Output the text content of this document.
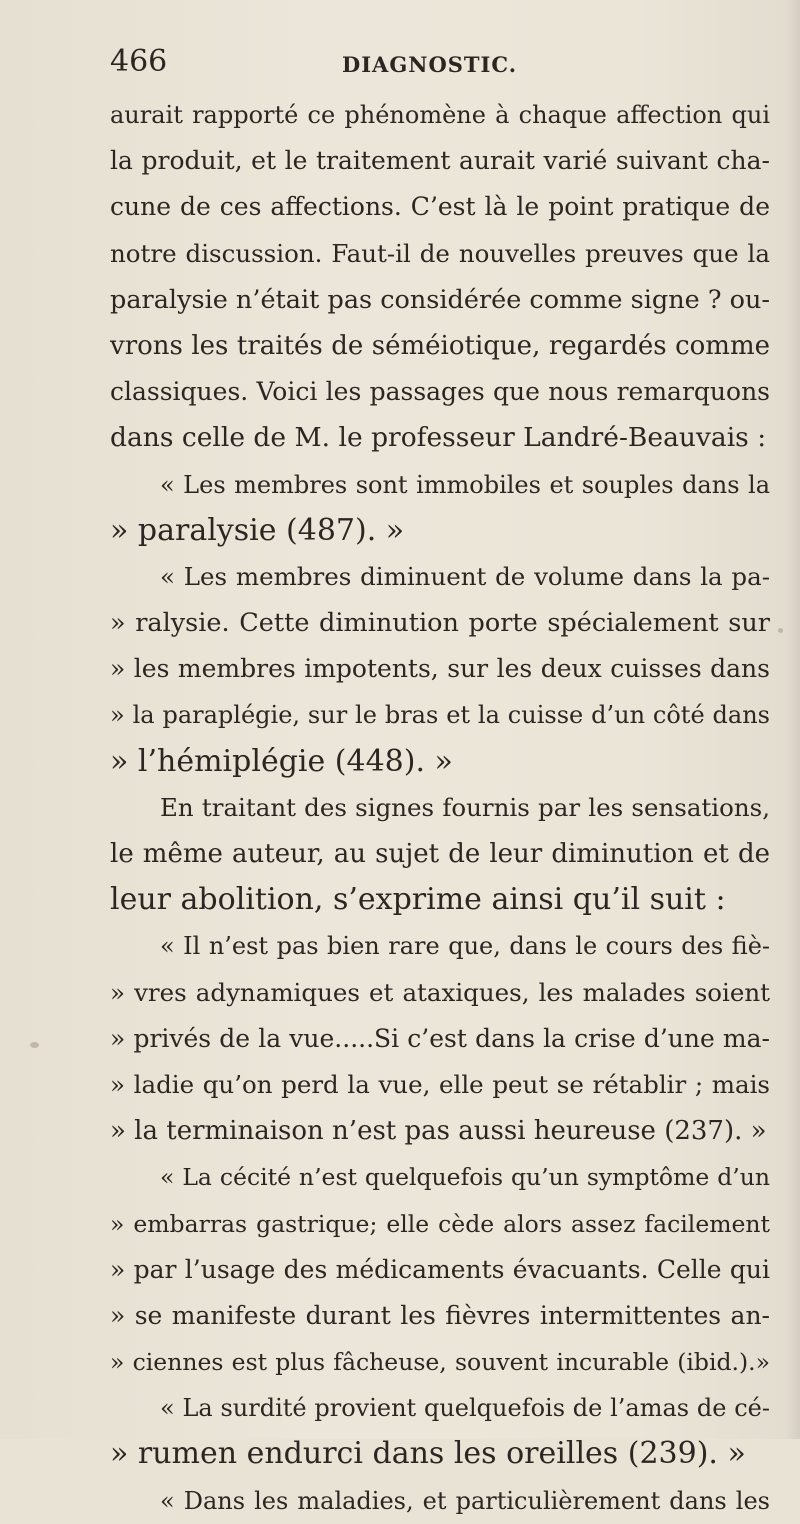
466	DIAGNOSTIC.
aurait rapporté ce phénomène à chaque affection qui
la produit, et le traitement aurait varié suivant cha-
cune de ces affections. C’est là le point pratique de
notre discussion. Faut-il de nouvelles preuves que la
paralysie n’était pas considérée comme signe ? ou-
vrons les traités de séméiotique, regardés comme
classiques. Voici les passages que nous remarquons
dans celle de M. le professeur Landré-Beauvais :
« Les membres sont immobiles et souples dans la
» paralysie (487). »
« Les membres diminuent de volume dans la pa-
» ralysie. Cette diminution porte spécialement sur
» les membres impotents, sur les deux cuisses dans
» la paraplégie, sur le bras et la cuisse d’un côté dans
» l’hémiplégie (448). »
En traitant des signes fournis par les sensations,
le même auteur, au sujet de leur diminution et de
leur abolition, s’exprime ainsi qu’il suit :
« Il n’est pas bien rare que, dans le cours des fiè-
» vres adynamiques et ataxiques, les malades soient
» privés de la vue.....Si c’est dans la crise d’une ma-
» ladie qu’on perd la vue, elle peut se rétablir ; mais
» la terminaison n’est pas aussi heureuse (237). »
« La cécité n’est quelquefois qu’un symptôme d’un
» embarras gastrique; elle cède alors assez facilement
» par l’usage des médicaments évacuants. Celle qui
» se manifeste durant les fièvres intermittentes an-
» ciennes est plus fâcheuse, souvent incurable (ibid.).»
« La surdité provient quelquefois de l’amas de cé-
» rumen endurci dans les oreilles (239). »
« Dans les maladies, et particulièrement dans les
